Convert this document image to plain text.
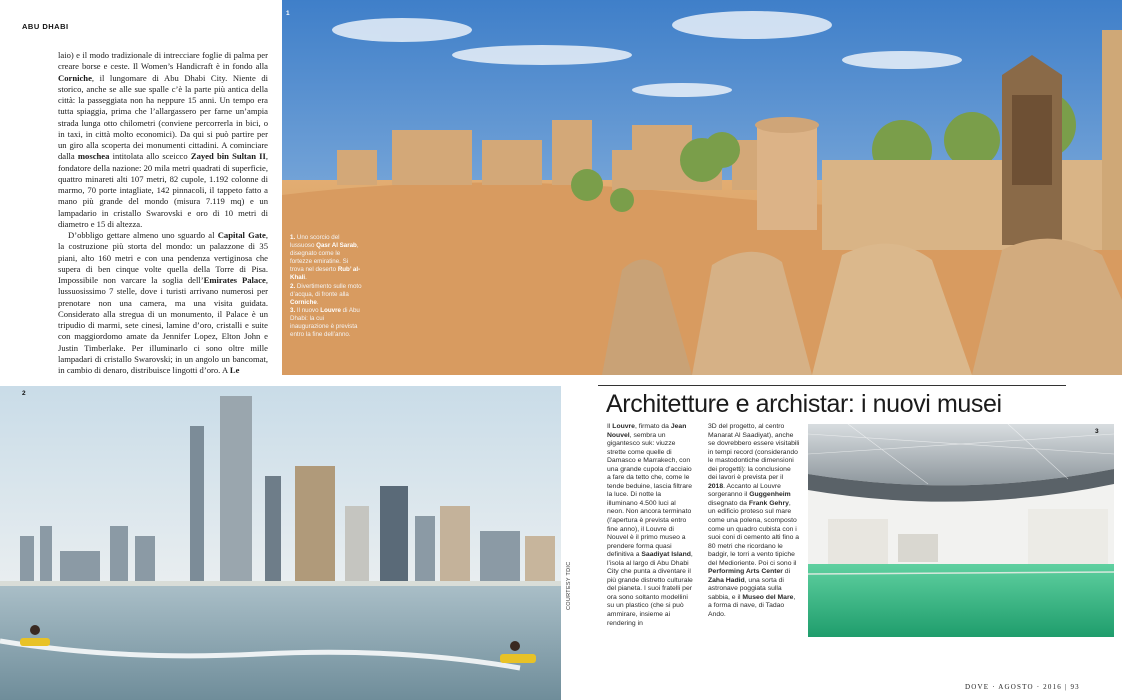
ABU DHABI

laio) e il modo tradizionale di intrecciare foglie di palma per creare borse e ceste. Il Women’s Handicraft è in fondo alla Corniche, il lungomare di Abu Dhabi City. Niente di storico, anche se alle sue spalle c’è la parte più antica della città: la passeggiata non ha neppure 15 anni. Un tempo era tutta spiaggia, prima che l’allargassero per farne un’ampia strada lunga otto chilometri (conviene percorrerla in bici, o in taxi, in città molto economici). Da qui si può partire per un giro alla scoperta dei monumenti cittadini. A cominciare dalla moschea intitolata allo sceicco Zayed bin Sultan II, fondatore della nazione: 20 mila metri quadrati di superficie, quattro minareti alti 107 metri, 82 cupole, 1.192 colonne di marmo, 70 porte intagliate, 142 pinnacoli, il tappeto fatto a mano più grande del mondo (misura 7.119 mq) e un lampadario in cristallo Swarovski e oro di 10 metri di diametro e 15 di altezza.

D’obbligo gettare almeno uno sguardo al Capital Gate, la costruzione più storta del mondo: un palazzone di 35 piani, alto 160 metri e con una pendenza vertiginosa che supera di ben cinque volte quella della Torre di Pisa. Impossibile non varcare la soglia dell’Emirates Palace, lussuosissimo 7 stelle, dove i turisti arrivano numerosi per prenotare non una camera, ma una visita guidata. Considerato alla stregua di un monumento, il Palace è un tripudio di marmi, sete cinesi, lamine d’oro, cristalli e suite con maggiordomo amate da Jennifer Lopez, Elton John e Justin Timberlake. Per illuminarlo ci sono oltre mille lampadari di cristallo Swarovski; in un angolo un bancomat, in cambio di denaro, distribuisce lingotti d’oro. A Le

1

1. Uno scorcio del lussuoso Qasr Al Sarab, disegnato come le fortezze emiratine. Si trova nel deserto Rub’ al-Khali.

2. Divertimento sulle moto d’acqua, di fronte alla Corniche.

3. Il nuovo Louvre di Abu Dhabi: la cui inaugurazione è prevista entro la fine dell’anno.

2
COURTESY TDIC
Architetture e archistar: i nuovi musei

Il Louvre, firmato da Jean Nouvel, sembra un gigantesco suk: viuzze strette come quelle di Damasco e Marrakech, con una grande cupola d’acciaio a fare da tetto che, come le tende beduine, lascia filtrare la luce. Di notte la illuminano 4.500 luci al neon. Non ancora terminato (l’apertura è prevista entro fine anno), il Louvre di Nouvel è il primo museo a prendere forma quasi definitiva a Saadiyat Island, l’isola al largo di Abu Dhabi City che punta a diventare il più grande distretto culturale del pianeta. I suoi fratelli per ora sono soltanto modellini su un plastico (che si può ammirare, insieme ai rendering in

3D del progetto, al centro Manarat Al Saadiyat), anche se dovrebbero essere visitabili in tempi record (considerando le mastodontiche dimensioni dei progetti): la conclusione dei lavori è prevista per il 2018. Accanto al Louvre sorgeranno il Guggenheim disegnato da Frank Gehry, un edificio proteso sul mare come una polena, scomposto come un quadro cubista con i suoi coni di cemento alti fino a 80 metri che ricordano le badgir, le torri a vento tipiche del Medioriente. Poi ci sono il Performing Arts Center di Zaha Hadid, una sorta di astronave poggiata sulla sabbia, e il Museo del Mare, a forma di nave, di Tadao Ando.

3
DOVE · AGOSTO · 2016 | 93
